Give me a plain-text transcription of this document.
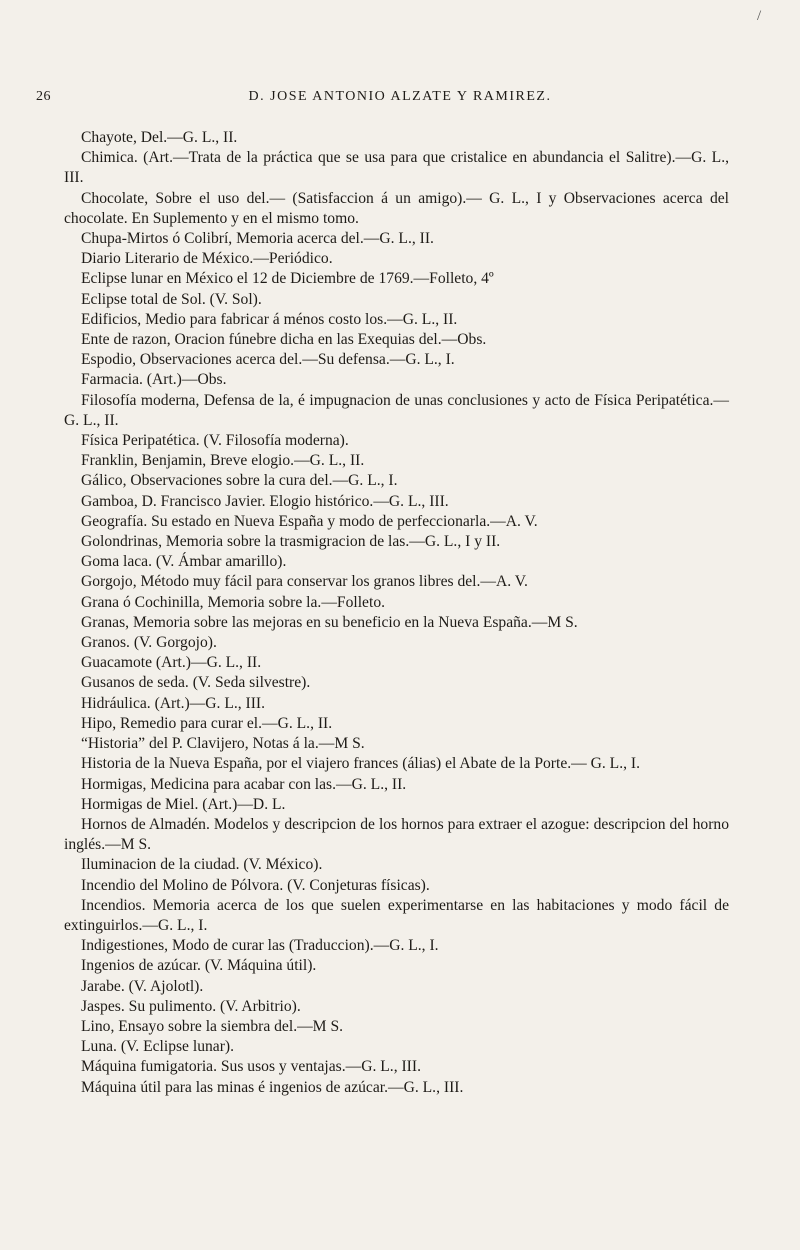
/
26	D. JOSE ANTONIO ALZATE Y RAMIREZ.

Chayote, Del.—G. L., II.

Chimica. (Art.—Trata de la práctica que se usa para que cristalice en abundancia el Salitre).—G. L., III.

Chocolate, Sobre el uso del.— (Satisfaccion á un amigo).— G. L., I y Observaciones acerca del chocolate. En Suplemento y en el mismo tomo.

Chupa-Mirtos ó Colibrí, Memoria acerca del.—G. L., II.

Diario Literario de México.—Periódico.

Eclipse lunar en México el 12 de Diciembre de 1769.—Folleto, 4º

Eclipse total de Sol. (V. Sol).

Edificios, Medio para fabricar á ménos costo los.—G. L., II.

Ente de razon, Oracion fúnebre dicha en las Exequias del.—Obs.

Espodio, Observaciones acerca del.—Su defensa.—G. L., I.

Farmacia. (Art.)—Obs.

Filosofía moderna, Defensa de la, é impugnacion de unas conclusiones y acto de Física Peripatética.—G. L., II.

Física Peripatética. (V. Filosofía moderna).

Franklin, Benjamin, Breve elogio.—G. L., II.

Gálico, Observaciones sobre la cura del.—G. L., I.

Gamboa, D. Francisco Javier. Elogio histórico.—G. L., III.

Geografía. Su estado en Nueva España y modo de perfeccionarla.—A. V.

Golondrinas, Memoria sobre la trasmigracion de las.—G. L., I y II.

Goma laca. (V. Ámbar amarillo).

Gorgojo, Método muy fácil para conservar los granos libres del.—A. V.

Grana ó Cochinilla, Memoria sobre la.—Folleto.

Granas, Memoria sobre las mejoras en su beneficio en la Nueva España.—M S.

Granos. (V. Gorgojo).

Guacamote (Art.)—G. L., II.

Gusanos de seda. (V. Seda silvestre).

Hidráulica. (Art.)—G. L., III.

Hipo, Remedio para curar el.—G. L., II.

“Historia” del P. Clavijero, Notas á la.—M S.

Historia de la Nueva España, por el viajero frances (álias) el Abate de la Porte.— G. L., I.

Hormigas, Medicina para acabar con las.—G. L., II.

Hormigas de Miel. (Art.)—D. L.

Hornos de Almadén. Modelos y descripcion de los hornos para extraer el azogue: descripcion del horno inglés.—M S.

Iluminacion de la ciudad. (V. México).

Incendio del Molino de Pólvora. (V. Conjeturas físicas).

Incendios. Memoria acerca de los que suelen experimentarse en las habitaciones y modo fácil de extinguirlos.—G. L., I.

Indigestiones, Modo de curar las (Traduccion).—G. L., I.

Ingenios de azúcar. (V. Máquina útil).

Jarabe. (V. Ajolotl).

Jaspes. Su pulimento. (V. Arbitrio).

Lino, Ensayo sobre la siembra del.—M S.

Luna. (V. Eclipse lunar).

Máquina fumigatoria. Sus usos y ventajas.—G. L., III.

Máquina útil para las minas é ingenios de azúcar.—G. L., III.
